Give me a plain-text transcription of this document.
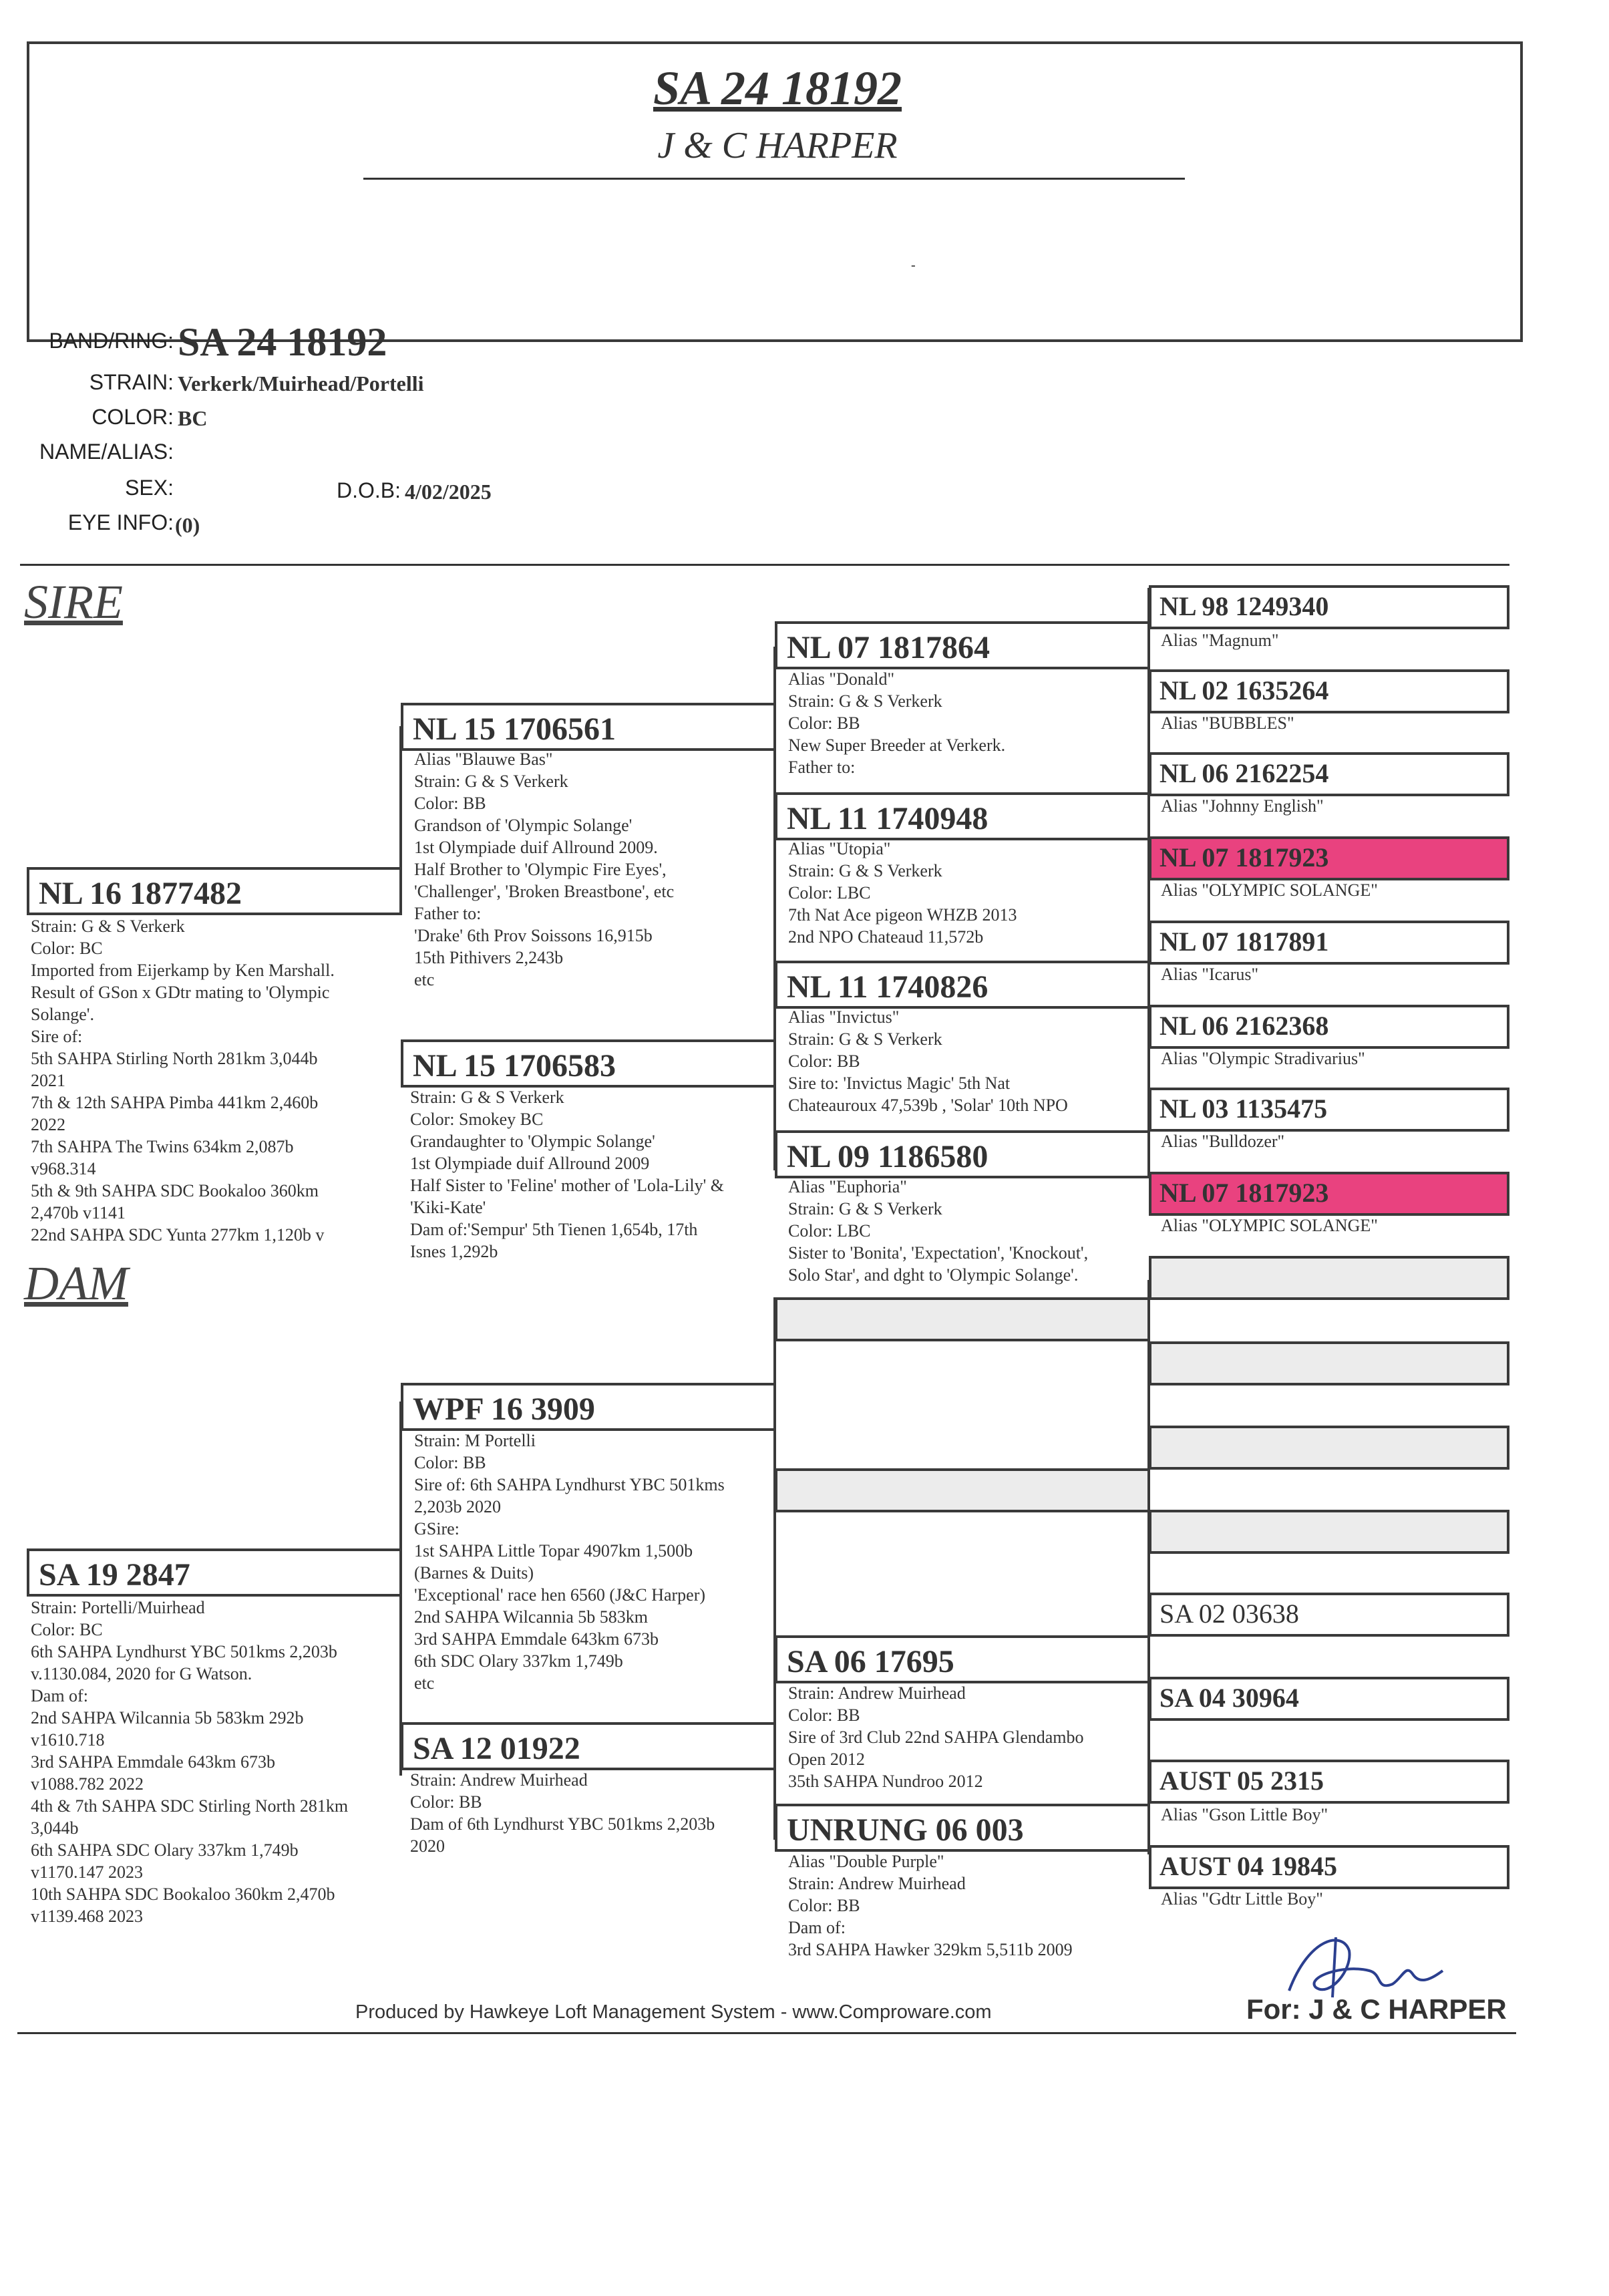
SA 24 18192
J & C HARPER
-
BAND/RING: SA 24 18192
STRAIN: Verkerk/Muirhead/Portelli
COLOR: BC
NAME/ALIAS:
SEX:	D.O.B: 4/02/2025
EYE INFO: (0)
SIRE
DAM
NL 16 1877482
Strain: G & S Verkerk
Color: BC
Imported from Eijerkamp by Ken Marshall.
Result of GSon x GDtr mating to 'Olympic
Solange'.
Sire of:
5th SAHPA Stirling North 281km 3,044b
2021
7th & 12th SAHPA Pimba 441km 2,460b
2022
7th SAHPA The Twins 634km 2,087b
v968.314
5th & 9th SAHPA SDC Bookaloo 360km
2,470b v1141
22nd SAHPA SDC Yunta 277km 1,120b v
SA 19 2847
Strain: Portelli/Muirhead
Color: BC
6th SAHPA Lyndhurst YBC 501kms 2,203b
v.1130.084, 2020 for G Watson.
Dam of:
2nd SAHPA Wilcannia 5b 583km 292b
v1610.718
3rd SAHPA Emmdale 643km 673b
v1088.782 2022
4th & 7th SAHPA SDC Stirling North 281km
3,044b
6th SAHPA SDC Olary 337km 1,749b
v1170.147 2023
10th SAHPA SDC Bookaloo 360km 2,470b
v1139.468 2023
NL 15 1706561
Alias "Blauwe Bas"
Strain: G & S Verkerk
Color: BB
Grandson of 'Olympic Solange'
1st Olympiade duif Allround 2009.
Half Brother to 'Olympic Fire Eyes',
'Challenger', 'Broken Breastbone', etc
Father to:
'Drake' 6th Prov Soissons 16,915b
15th Pithivers 2,243b
etc
NL 15 1706583
Strain: G & S Verkerk
Color: Smokey BC
Grandaughter to 'Olympic Solange'
1st Olympiade duif Allround 2009
Half Sister to 'Feline' mother of 'Lola-Lily' &
'Kiki-Kate'
Dam of:'Sempur' 5th Tienen 1,654b, 17th
Isnes 1,292b
WPF 16 3909
Strain: M Portelli
Color: BB
Sire of: 6th SAHPA Lyndhurst YBC 501kms
2,203b 2020
GSire:
1st SAHPA Little Topar 4907km 1,500b
(Barnes & Duits)
'Exceptional' race hen 6560 (J&C Harper)
2nd SAHPA Wilcannia 5b 583km
3rd SAHPA Emmdale 643km 673b
6th SDC Olary 337km 1,749b
etc
SA 12 01922
Strain: Andrew Muirhead
Color: BB
Dam of 6th Lyndhurst YBC 501kms 2,203b
2020
NL 07 1817864
Alias "Donald"
Strain: G & S Verkerk
Color: BB
New Super Breeder at Verkerk.
Father to:
NL 11 1740948
Alias "Utopia"
Strain: G & S Verkerk
Color: LBC
7th Nat Ace pigeon WHZB 2013
2nd NPO Chateaud 11,572b
NL 11 1740826
Alias "Invictus"
Strain: G & S Verkerk
Color: BB
Sire to: 'Invictus Magic' 5th Nat
Chateauroux 47,539b , 'Solar' 10th NPO
NL 09 1186580
Alias "Euphoria"
Strain: G & S Verkerk
Color: LBC
Sister to 'Bonita', 'Expectation', 'Knockout',
Solo Star', and dght to 'Olympic Solange'.
SA 06 17695
Strain: Andrew Muirhead
Color: BB
Sire of 3rd Club 22nd SAHPA Glendambo
Open 2012
35th SAHPA Nundroo 2012
UNRUNG 06 003
Alias "Double Purple"
Strain: Andrew Muirhead
Color: BB
Dam of:
3rd SAHPA Hawker 329km 5,511b 2009
NL 98 1249340
Alias "Magnum"
NL 02 1635264
Alias "BUBBLES"
NL 06 2162254
Alias "Johnny English"
NL 07 1817923
Alias "OLYMPIC SOLANGE"
NL 07 1817891
Alias "Icarus"
NL 06 2162368
Alias "Olympic Stradivarius"
NL 03 1135475
Alias "Bulldozer"
NL 07 1817923
Alias "OLYMPIC SOLANGE"
SA 02 03638
SA 04 30964
AUST 05 2315
Alias "Gson Little Boy"
AUST 04 19845
Alias "Gdtr Little Boy"
Produced by Hawkeye Loft Management System - www.Comproware.com	For: J & C HARPER
